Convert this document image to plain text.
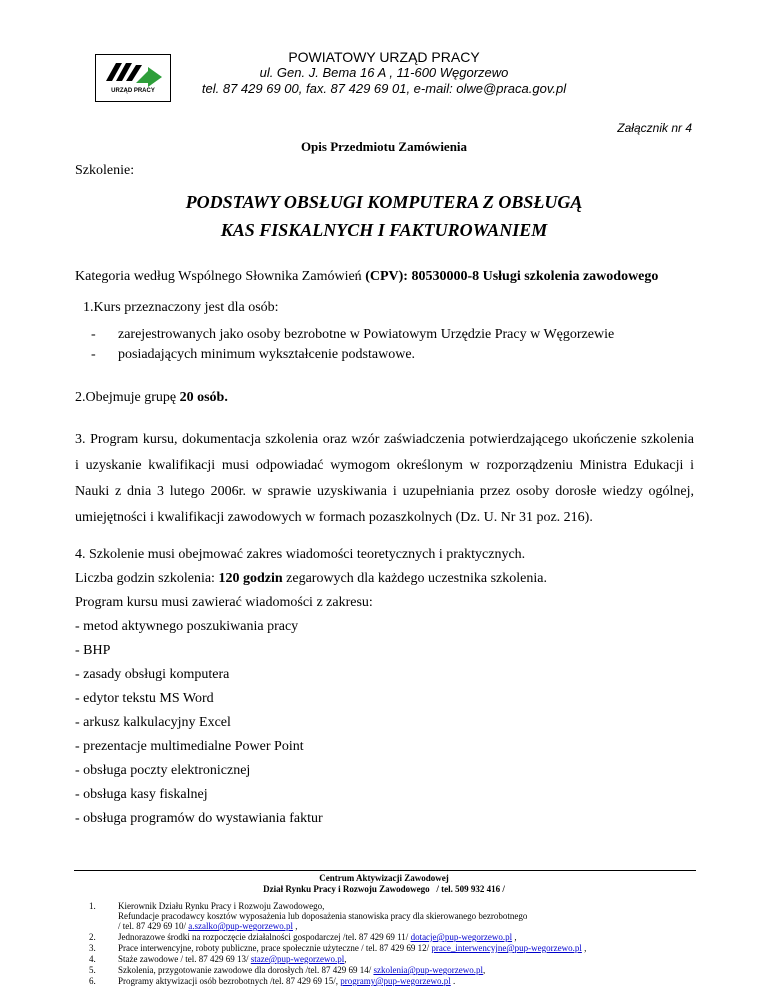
URZĄD PRACY
POWIATOWY URZĄD PRACY
ul. Gen. J. Bema 16 A , 11-600 Węgorzewo
tel. 87 429 69 00, fax. 87 429 69 01, e-mail: olwe@praca.gov.pl
Załącznik nr 4
Opis Przedmiotu Zamówienia
Szkolenie:
PODSTAWY OBSŁUGI KOMPUTERA Z OBSŁUGĄ
KAS FISKALNYCH I FAKTUROWANIEM
Kategoria według Wspólnego Słownika Zamówień (CPV): 80530000-8 Usługi szkolenia zawodowego
1.Kurs przeznaczony jest dla osób:
- zarejestrowanych jako osoby bezrobotne w Powiatowym Urzędzie Pracy w Węgorzewie
- posiadających minimum wykształcenie podstawowe.
2.Obejmuje grupę 20 osób.
3. Program kursu, dokumentacja szkolenia oraz wzór zaświadczenia potwierdzającego ukończenie szkolenia
i uzyskanie kwalifikacji musi odpowiadać wymogom określonym w rozporządzeniu Ministra Edukacji i
Nauki z dnia 3 lutego 2006r. w sprawie uzyskiwania i uzupełniania przez osoby dorosłe wiedzy ogólnej,
umiejętności i kwalifikacji zawodowych w formach pozaszkolnych (Dz. U. Nr 31 poz. 216).
4. Szkolenie musi obejmować zakres wiadomości teoretycznych i praktycznych.
Liczba godzin szkolenia: 120 godzin zegarowych dla każdego uczestnika szkolenia.
Program kursu musi zawierać wiadomości z zakresu:
- metod aktywnego poszukiwania pracy
- BHP
- zasady obsługi komputera
- edytor tekstu MS Word
- arkusz kalkulacyjny Excel
- prezentacje multimedialne Power Point
- obsługa poczty elektronicznej
- obsługa kasy fiskalnej
- obsługa programów do wystawiania faktur
Centrum Aktywizacji Zawodowej
Dział Rynku Pracy i Rozwoju Zawodowego   / tel. 509 932 416 /
1. Kierownik Działu Rynku Pracy i Rozwoju Zawodowego,
Refundacje pracodawcy kosztów wyposażenia lub doposażenia stanowiska pracy dla skierowanego bezrobotnego
/ tel. 87 429 69 10/ a.szalko@pup-wegorzewo.pl ,
2. Jednorazowe środki na rozpoczęcie działalności gospodarczej /tel. 87 429 69 11/ dotacje@pup-wegorzewo.pl ,
3. Prace interwencyjne, roboty publiczne, prace społecznie użyteczne / tel. 87 429 69 12/ prace_interwencyjne@pup-wegorzewo.pl ,
4. Staże zawodowe / tel. 87 429 69 13/ staze@pup-wegorzewo.pl,
5. Szkolenia, przygotowanie zawodowe dla dorosłych /tel. 87 429 69 14/ szkolenia@pup-wegorzewo.pl,
6. Programy aktywizacji osób bezrobotnych /tel. 87 429 69 15/, programy@pup-wegorzewo.pl .
